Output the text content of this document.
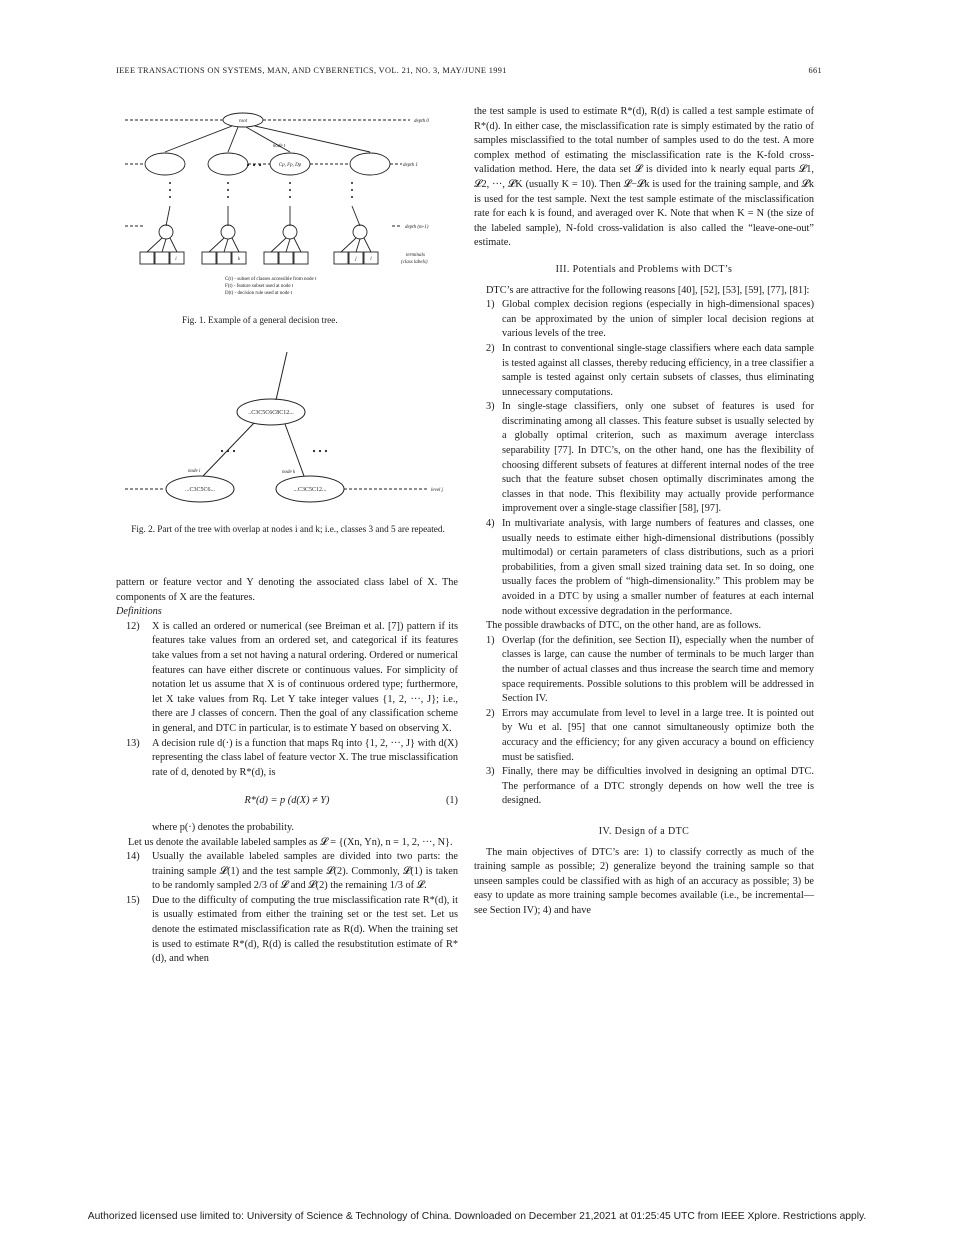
IEEE TRANSACTIONS ON SYSTEMS, MAN, AND CYBERNETICS, VOL. 21, NO. 3, MAY/JUNE 1991	661
root
node t
Cp, Fp, Dp
depth 0
depth 1
depth (m-1)
terminals
(class labels)
i	k	j	l
C(t) - subset of classes accessible from node t
F(t) - feature subset used at node t
D(t) - decision rule used at node t
Fig. 1. Example of a general decision tree.
..C3C5C6C8C12...
node i	node k
...C3C5C6...	...C3C5C12...	level j
Fig. 2. Part of the tree with overlap at nodes i and k; i.e., classes 3 and 5 are repeated.

pattern or feature vector and Y denoting the associated class label of X. The components of X are the features.

Definitions

12) X is called an ordered or numerical (see Breiman et al. [7]) pattern if its features take values from an ordered set, and categorical if its features take values from a set not having a natural ordering. Ordered or numerical features can have either discrete or continuous values. For simplicity of notation let us assume that X is of continuous ordered type; furthermore, let X take values from Rq. Let Y take integer values {1, 2, ···, J}; i.e., there are J classes of concern. Then the goal of any classification scheme in general, and DTC in particular, is to estimate Y based on observing X.

13) A decision rule d(·) is a function that maps Rq into {1, 2, ···, J} with d(X) representing the class label of feature vector X. The true misclassification rate of d, denoted by R*(d), is

R*(d) = p (d(X) ≠ Y)	(1)

where p(·) denotes the probability.

Let us denote the available labeled samples as 𝓛 = {(Xn, Yn), n = 1, 2, ···, N}.

14) Usually the available labeled samples are divided into two parts: the training sample 𝓛(1) and the test sample 𝓛(2). Commonly, 𝓛(1) is taken to be randomly sampled 2/3 of 𝓛 and 𝓛(2) the remaining 1/3 of 𝓛.

15) Due to the difficulty of computing the true misclassification rate R*(d), it is usually estimated from either the training set or the test set. Let us denote the estimated misclassification rate as R(d). When the training set is used to estimate R*(d), R(d) is called the resubstitution estimate of R*(d), and when

the test sample is used to estimate R*(d), R(d) is called a test sample estimate of R*(d). In either case, the misclassification rate is simply estimated by the ratio of samples misclassified to the total number of samples used to do the test. A more complex method of estimating the misclassification rate is the K-fold cross-validation method. Here, the data set 𝓛 is divided into k nearly equal parts 𝓛1, 𝓛2, ···, 𝓛K (usually K = 10). Then 𝓛−𝓛k is used for the training sample, and 𝓛k is used for the test sample. Next the test sample estimate of the misclassification rate for each k is found, and averaged over K. Note that when K = N (the size of the labeled sample), N-fold cross-validation is also called the “leave-one-out” estimate.

III. Potentials and Problems with DCT’s

DTC’s are attractive for the following reasons [40], [52], [53], [59], [77], [81]:

1) Global complex decision regions (especially in high-dimensional spaces) can be approximated by the union of simpler local decision regions at various levels of the tree.

2) In contrast to conventional single-stage classifiers where each data sample is tested against all classes, thereby reducing efficiency, in a tree classifier a sample is tested against only certain subsets of classes, thus eliminating unnecessary computations.

3) In single-stage classifiers, only one subset of features is used for discriminating among all classes. This feature subset is usually selected by a globally optimal criterion, such as maximum average interclass separability [77]. In DTC’s, on the other hand, one has the flexibility of choosing different subsets of features at different internal nodes of the tree such that the feature subset chosen optimally discriminates among the classes in that node. This flexibility may actually provide performance improvement over a single-stage classifier [58], [97].

4) In multivariate analysis, with large numbers of features and classes, one usually needs to estimate either high-dimensional distributions (possibly multimodal) or certain parameters of class distributions, such as a priori probabilities, from a given small sized training data set. In so doing, one usually faces the problem of “high-dimensionality.” This problem may be avoided in a DTC by using a smaller number of features at each internal node without excessive degradation in the performance.

The possible drawbacks of DTC, on the other hand, are as follows.

1) Overlap (for the definition, see Section II), especially when the number of classes is large, can cause the number of terminals to be much larger than the number of actual classes and thus increase the search time and memory space requirements. Possible solutions to this problem will be addressed in Section IV.

2) Errors may accumulate from level to level in a large tree. It is pointed out by Wu et al. [95] that one cannot simultaneously optimize both the accuracy and the efficiency; for any given accuracy a bound on efficiency must be satisfied.

3) Finally, there may be difficulties involved in designing an optimal DTC. The performance of a DTC strongly depends on how well the tree is designed.

IV. Design of a DTC

The main objectives of DTC’s are: 1) to classify correctly as much of the training sample as possible; 2) generalize beyond the training sample so that unseen samples could be classified with as high of an accuracy as possible; 3) be easy to update as more training sample becomes available (i.e., be incremental—see Section IV); 4) and have

Authorized licensed use limited to: University of Science & Technology of China. Downloaded on December 21,2021 at 01:25:45 UTC from IEEE Xplore. Restrictions apply.
